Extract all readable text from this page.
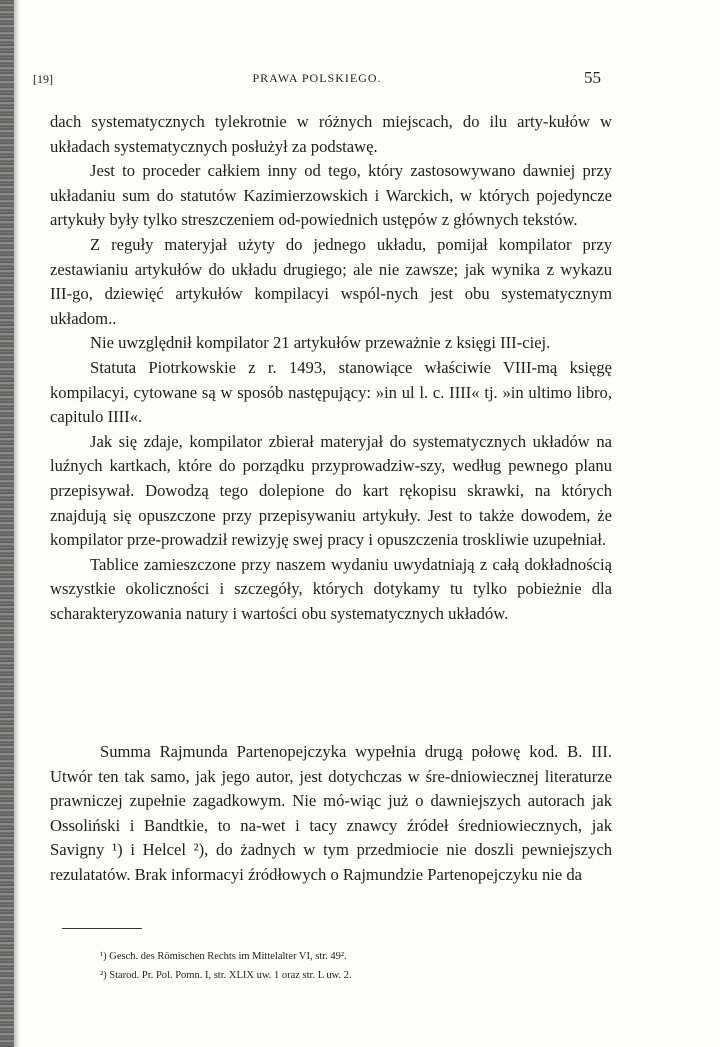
[19]	PRAWA POLSKIEGO.	55

dach systematycznych tylekrotnie w różnych miejscach, do ilu arty-kułów w układach systematycznych posłużył za podstawę.

Jest to proceder całkiem inny od tego, który zastosowywano dawniej przy układaniu sum do statutów Kazimierzowskich i Warckich, w których pojedyncze artykuły były tylko streszczeniem od-powiednich ustępów z głównych tekstów.

Z reguły materyjał użyty do jednego układu, pomijał kompilator przy zestawianiu artykułów do układu drugiego; ale nie zawsze; jak wynika z wykazu III-go, dziewięć artykułów kompilacyi wspól-nych jest obu systematycznym układom..

Nie uwzględnił kompilator 21 artykułów przeważnie z księgi III-ciej.

Statuta Piotrkowskie z r. 1493, stanowiące właściwie VIII-mą księgę kompilacyi, cytowane są w sposób następujący: »in ul l. c. IIII« tj. »in ultimo libro, capitulo IIII«.

Jak się zdaje, kompilator zbierał materyjał do systematycznych układów na luźnych kartkach, które do porządku przyprowadziw-szy, według pewnego planu przepisywał. Dowodzą tego dolepione do kart rękopisu skrawki, na których znajdują się opuszczone przy przepisywaniu artykuły. Jest to także dowodem, że kompilator prze-prowadził rewizyję swej pracy i opuszczenia troskliwie uzupełniał.

Tablice zamieszczone przy naszem wydaniu uwydatniają z całą dokładnością wszystkie okoliczności i szczegóły, których dotykamy tu tylko pobieżnie dla scharakteryzowania natury i wartości obu systematycznych układów.

Summa Rajmunda Partenopejczyka wypełnia drugą połowę kod. B. III. Utwór ten tak samo, jak jego autor, jest dotychczas w śre-dniowiecznej literaturze prawniczej zupełnie zagadkowym. Nie mó-wiąc już o dawniejszych autorach jak Ossoliński i Bandtkie, to na-wet i tacy znawcy źródeł średniowiecznych, jak Savigny ¹) i Helcel ²), do żadnych w tym przedmiocie nie doszli pewniejszych rezulatatów. Brak informacyi źródłowych o Rajmundzie Partenopejczyku nie da

¹) Gesch. des Römischen Rechts im Mittelalter VI, str. 49².
²) Starod. Pr. Pol. Pomn. I, str. XLIX uw. 1 oraz str. L uw. 2.
